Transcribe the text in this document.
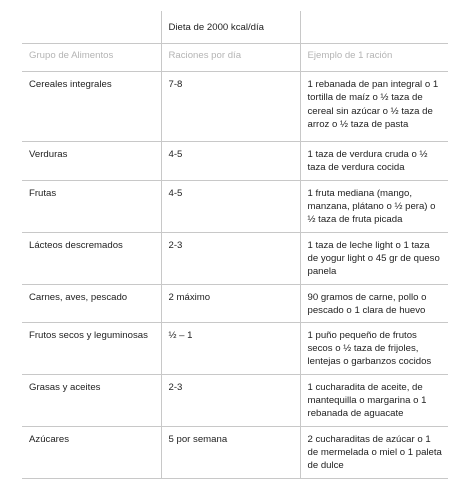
	Dieta de 2000 kcal/día	
Grupo de Alimentos	Raciones por día	Ejemplo de 1 ración
Cereales integrales	7-8	1 rebanada de pan integral o 1 tortilla de maíz o ½ taza de cereal sin azúcar o ½ taza de arroz o ½ taza de pasta
Verduras	4-5	1 taza de verdura cruda o ½ taza de verdura cocida
Frutas	4-5	1 fruta mediana (mango, manzana, plátano o ½ pera) o ½ taza de fruta picada
Lácteos descremados	2-3	1 taza de leche light o 1 taza de yogur light o 45 gr de queso panela
Carnes, aves, pescado	2 máximo	90 gramos de carne, pollo o pescado o 1 clara de huevo
Frutos secos y leguminosas	½ – 1	1 puño pequeño de frutos secos o ½ taza de frijoles, lentejas o garbanzos cocidos
Grasas y aceites	2-3	1 cucharadita de aceite, de mantequilla o margarina o 1 rebanada de aguacate
Azúcares	5 por semana	2 cucharaditas de azúcar o 1 de mermelada o miel o 1 paleta de dulce
